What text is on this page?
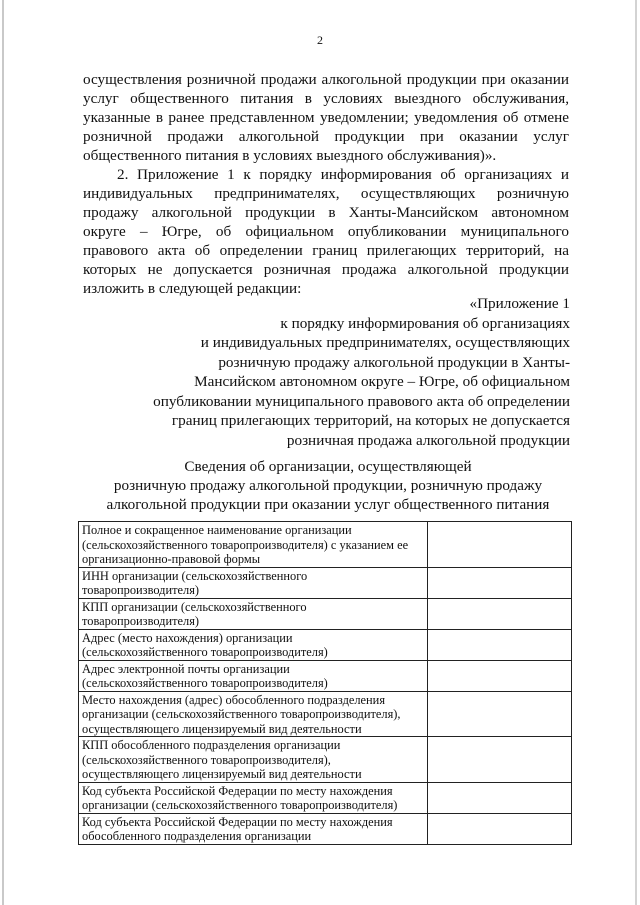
2

осуществления розничной продажи алкогольной продукции при оказании
услуг общественного питания в условиях выездного обслуживания,
указанные в ранее представленном уведомлении; уведомления об отмене
розничной продажи алкогольной продукции при оказании услуг
общественного питания в условиях выездного обслуживания)».

2. Приложение 1 к порядку информирования об организациях и
индивидуальных предпринимателях, осуществляющих розничную
продажу алкогольной продукции в Ханты-Мансийском автономном
округе – Югре, об официальном опубликовании муниципального
правового акта об определении границ прилегающих территорий, на
которых не допускается розничная продажа алкогольной продукции
изложить в следующей редакции:

«Приложение 1
к порядку информирования об организациях
и индивидуальных предпринимателях, осуществляющих
розничную продажу алкогольной продукции в Ханты-
Мансийском автономном округе – Югре, об официальном
опубликовании муниципального правового акта об определении
границ прилегающих территорий, на которых не допускается
розничная продажа алкогольной продукции
Сведения об организации, осуществляющей
розничную продажу алкогольной продукции, розничную продажу
алкогольной продукции при оказании услуг общественного питания
Полное и сокращенное наименование организации
(сельскохозяйственного товаропроизводителя) с указанием ее
организационно-правовой формы	

ИНН организации (сельскохозяйственного
товаропроизводителя)	

КПП организации (сельскохозяйственного
товаропроизводителя)	

Адрес (место нахождения) организации
(сельскохозяйственного товаропроизводителя)	

Адрес электронной почты организации
(сельскохозяйственного товаропроизводителя)	

Место нахождения (адрес) обособленного подразделения
организации (сельскохозяйственного товаропроизводителя),
осуществляющего лицензируемый вид деятельности	

КПП обособленного подразделения организации
(сельскохозяйственного товаропроизводителя),
осуществляющего лицензируемый вид деятельности	

Код субъекта Российской Федерации по месту нахождения
организации (сельскохозяйственного товаропроизводителя)	

Код субъекта Российской Федерации по месту нахождения
обособленного подразделения организации	
